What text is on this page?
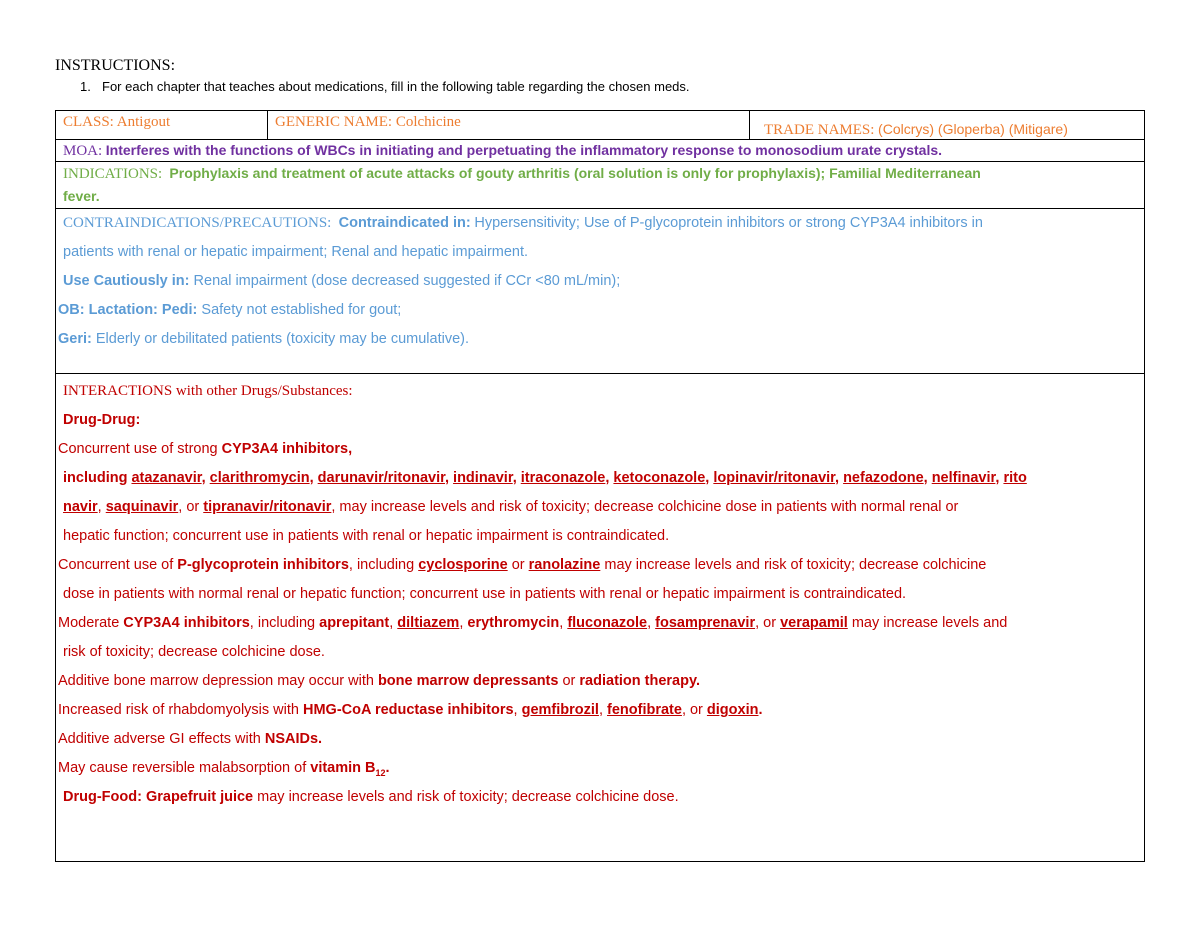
INSTRUCTIONS:
1. For each chapter that teaches about medications, fill in the following table regarding the chosen meds.
CLASS: Antigout	GENERIC NAME: Colchicine	TRADE NAMES: (Colcrys) (Gloperba) (Mitigare)
MOA: Interferes with the functions of WBCs in initiating and perpetuating the inflammatory response to monosodium urate crystals.
INDICATIONS: Prophylaxis and treatment of acute attacks of gouty arthritis (oral solution is only for prophylaxis); Familial Mediterranean
fever.
CONTRAINDICATIONS/PRECAUTIONS: Contraindicated in: Hypersensitivity; Use of P-glycoprotein inhibitors or strong CYP3A4 inhibitors in
patients with renal or hepatic impairment; Renal and hepatic impairment.
Use Cautiously in: Renal impairment (dose decreased suggested if CCr <80 mL/min);
OB: Lactation: Pedi: Safety not established for gout;
Geri: Elderly or debilitated patients (toxicity may be cumulative).
INTERACTIONS with other Drugs/Substances:
Drug-Drug:
Concurrent use of strong CYP3A4 inhibitors,
including atazanavir, clarithromycin, darunavir/ritonavir, indinavir, itraconazole, ketoconazole, lopinavir/ritonavir, nefazodone, nelfinavir, rito
navir, saquinavir, or tipranavir/ritonavir, may increase levels and risk of toxicity; decrease colchicine dose in patients with normal renal or
hepatic function; concurrent use in patients with renal or hepatic impairment is contraindicated.
Concurrent use of P-glycoprotein inhibitors, including cyclosporine or ranolazine may increase levels and risk of toxicity; decrease colchicine
dose in patients with normal renal or hepatic function; concurrent use in patients with renal or hepatic impairment is contraindicated.
Moderate CYP3A4 inhibitors, including aprepitant, diltiazem, erythromycin, fluconazole, fosamprenavir, or verapamil may increase levels and
risk of toxicity; decrease colchicine dose.
Additive bone marrow depression may occur with bone marrow depressants or radiation therapy.
Increased risk of rhabdomyolysis with HMG-CoA reductase inhibitors, gemfibrozil, fenofibrate, or digoxin.
Additive adverse GI effects with NSAIDs.
May cause reversible malabsorption of vitamin $B_{12}$.
Drug-Food: Grapefruit juice may increase levels and risk of toxicity; decrease colchicine dose.
